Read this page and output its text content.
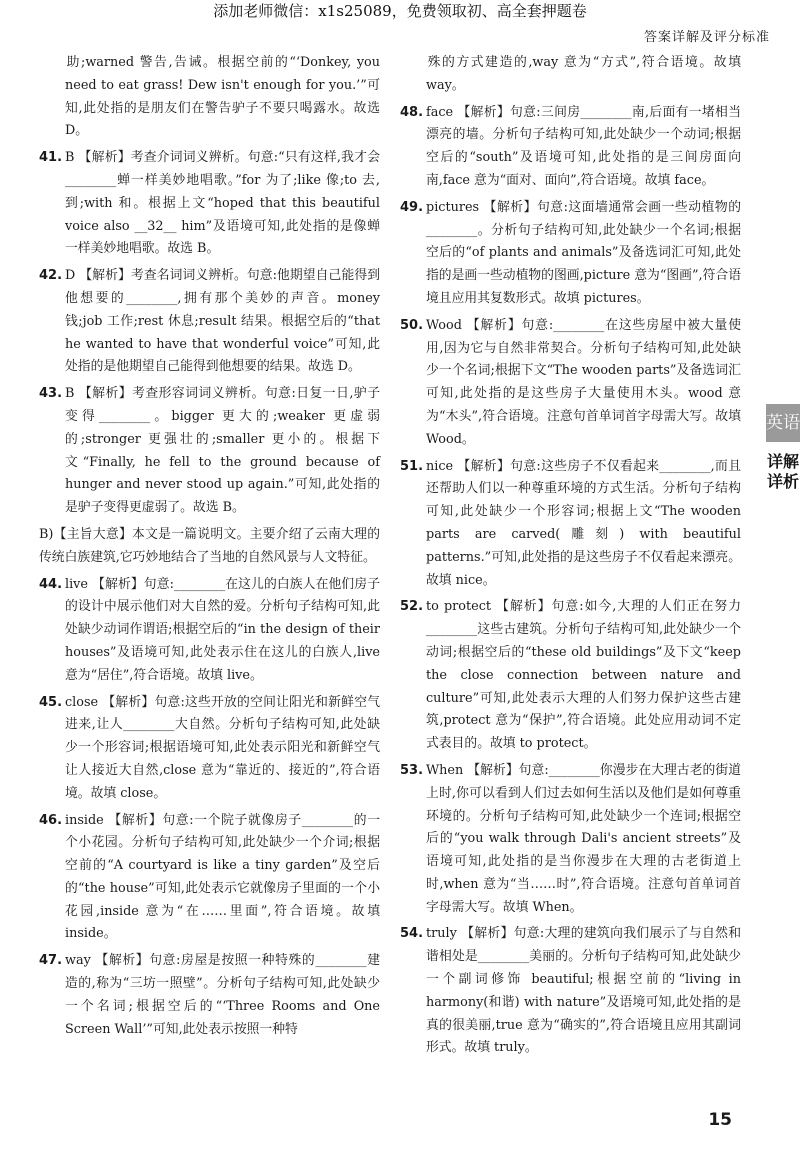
添加老师微信：x1s25089，免费领取初、高全套押题卷
答案详解及评分标准

助;warned 警告,告诫。根据空前的“‘Donkey, you need to eat grass! Dew isn't enough for you.’”可知,此处指的是朋友们在警告驴子不要只喝露水。故选 D。

41. B 【解析】考查介词词义辨析。句意:“只有这样,我才会________蝉一样美妙地唱歌。”for 为了;like 像;to 去,到;with 和。根据上文“hoped that this beautiful voice also __32__ him”及语境可知,此处指的是像蝉一样美妙地唱歌。故选 B。

42. D 【解析】考查名词词义辨析。句意:他期望自己能得到他想要的________,拥有那个美妙的声音。money 钱;job 工作;rest 休息;result 结果。根据空后的“that he wanted to have that wonderful voice”可知,此处指的是他期望自己能得到他想要的结果。故选 D。

43. B 【解析】考查形容词词义辨析。句意:日复一日,驴子变得________。bigger 更大的;weaker 更虚弱的;stronger 更强壮的;smaller 更小的。根据下文“Finally, he fell to the ground because of hunger and never stood up again.”可知,此处指的是驴子变得更虚弱了。故选 B。

B)【主旨大意】本文是一篇说明文。主要介绍了云南大理的传统白族建筑,它巧妙地结合了当地的自然风景与人文特征。

44. live 【解析】句意:________在这儿的白族人在他们房子的设计中展示他们对大自然的爱。分析句子结构可知,此处缺少动词作谓语;根据空后的“in the design of their houses”及语境可知,此处表示住在这儿的白族人,live 意为“居住”,符合语境。故填 live。

45. close 【解析】句意:这些开放的空间让阳光和新鲜空气进来,让人________大自然。分析句子结构可知,此处缺少一个形容词;根据语境可知,此处表示阳光和新鲜空气让人接近大自然,close 意为“靠近的、接近的”,符合语境。故填 close。

46. inside 【解析】句意:一个院子就像房子________的一个小花园。分析句子结构可知,此处缺少一个介词;根据空前的“A courtyard is like a tiny garden”及空后的“the house”可知,此处表示它就像房子里面的一个小花园,inside 意为“在……里面”,符合语境。故填 inside。

47. way 【解析】句意:房屋是按照一种特殊的________建造的,称为“三坊一照壁”。分析句子结构可知,此处缺少一个名词;根据空后的“‘Three Rooms and One Screen Wall’”可知,此处表示按照一种特

殊的方式建造的,way 意为“方式”,符合语境。故填 way。

48. face 【解析】句意:三间房________南,后面有一堵相当漂亮的墙。分析句子结构可知,此处缺少一个动词;根据空后的“south”及语境可知,此处指的是三间房面向南,face 意为“面对、面向”,符合语境。故填 face。

49. pictures 【解析】句意:这面墙通常会画一些动植物的________。分析句子结构可知,此处缺少一个名词;根据空后的“of plants and animals”及备选词汇可知,此处指的是画一些动植物的图画,picture 意为“图画”,符合语境且应用其复数形式。故填 pictures。

50. Wood 【解析】句意:________在这些房屋中被大量使用,因为它与自然非常契合。分析句子结构可知,此处缺少一个名词;根据下文“The wooden parts”及备选词汇可知,此处指的是这些房子大量使用木头。wood 意为“木头”,符合语境。注意句首单词首字母需大写。故填 Wood。

51. nice 【解析】句意:这些房子不仅看起来________,而且还帮助人们以一种尊重环境的方式生活。分析句子结构可知,此处缺少一个形容词;根据上文“The wooden parts are carved(雕刻) with beautiful patterns.”可知,此处指的是这些房子不仅看起来漂亮。故填 nice。

52. to protect 【解析】句意:如今,大理的人们正在努力________这些古建筑。分析句子结构可知,此处缺少一个动词;根据空后的“these old buildings”及下文“keep the close connection between nature and culture”可知,此处表示大理的人们努力保护这些古建筑,protect 意为“保护”,符合语境。此处应用动词不定式表目的。故填 to protect。

53. When 【解析】句意:________你漫步在大理古老的街道上时,你可以看到人们过去如何生活以及他们是如何尊重环境的。分析句子结构可知,此处缺少一个连词;根据空后的“you walk through Dali's ancient streets”及语境可知,此处指的是当你漫步在大理的古老街道上时,when 意为“当……时”,符合语境。注意句首单词首字母需大写。故填 When。

54. truly 【解析】句意:大理的建筑向我们展示了与自然和谐相处是________美丽的。分析句子结构可知,此处缺少一个副词修饰 beautiful;根据空前的“living in harmony(和谐) with nature”及语境可知,此处指的是真的很美丽,true 意为“确实的”,符合语境且应用其副词形式。故填 truly。

英语
详解详析
15
